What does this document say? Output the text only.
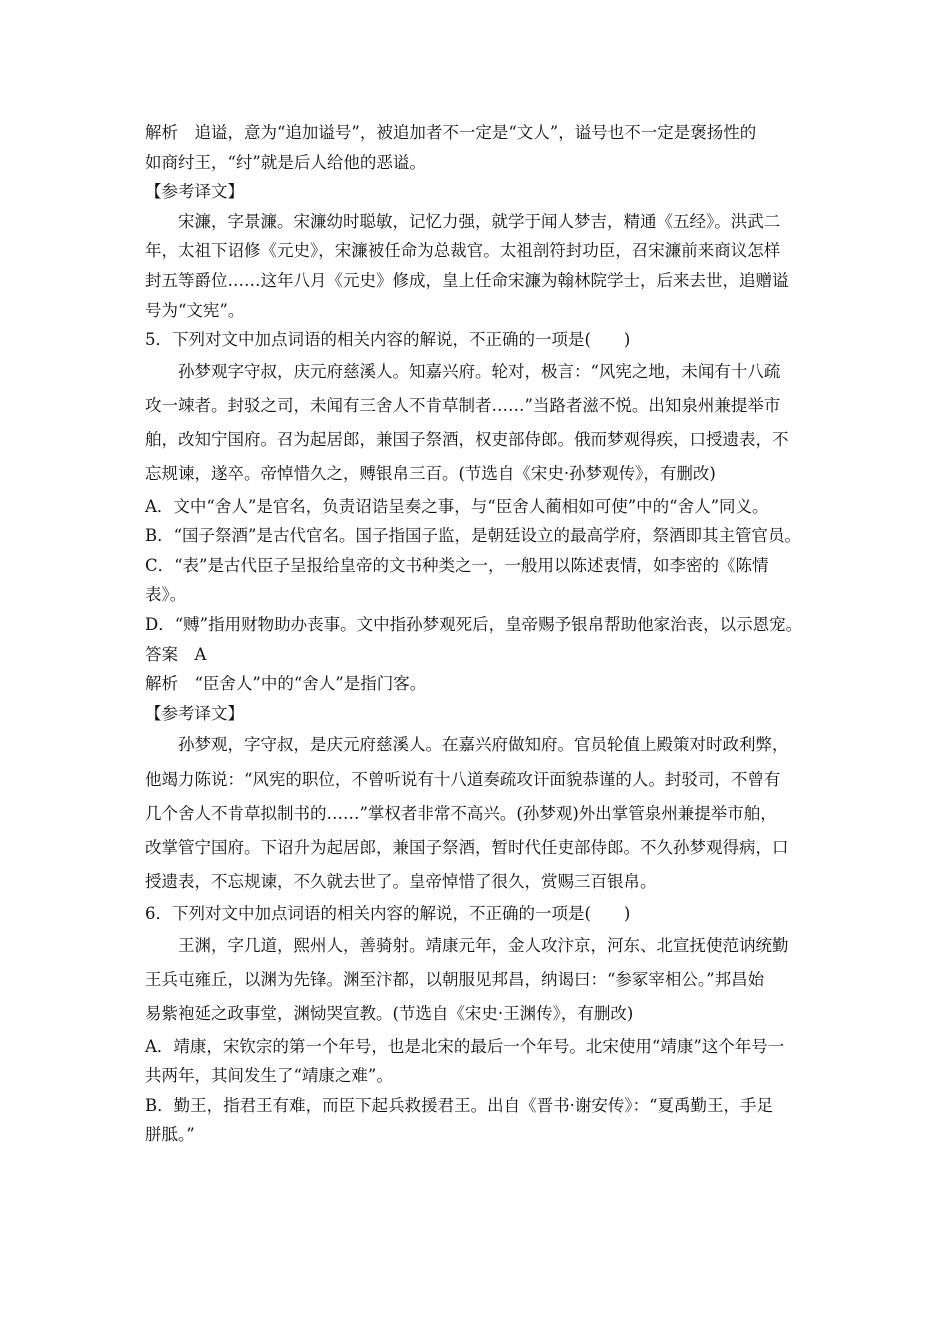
解析　追谥，意为“追加谥号”，被追加者不一定是“文人”，谥号也不一定是褒扬性的
如商纣王，“纣”就是后人给他的恶谥。
【参考译文】
宋濂，字景濂。宋濂幼时聪敏，记忆力强，就学于闻人梦吉，精通《五经》。洪武二
年，太祖下诏修《元史》，宋濂被任命为总裁官。太祖剖符封功臣，召宋濂前来商议怎样
封五等爵位……这年八月《元史》修成，皇上任命宋濂为翰林院学士，后来去世，追赠谥
号为“文宪”。
5．下列对文中加点词语的相关内容的解说，不正确的一项是(　　)
孙梦观字守叔，庆元府慈溪人。知嘉兴府。轮对，极言：“风宪之地，未闻有十八疏
攻一竦者。封驳之司，未闻有三舍人不肯草制者……”当路者滋不悦。出知泉州兼提举市
舶，改知宁国府。召为起居郎，兼国子祭酒，权吏部侍郎。俄而梦观得疾，口授遗表，不
忘规谏，遂卒。帝悼惜久之，赙银帛三百。(节选自《宋史·孙梦观传》，有删改)
A．文中“舍人”是官名，负责诏诰呈奏之事，与“臣舍人蔺相如可使”中的“舍人”同义。
B．“国子祭酒”是古代官名。国子指国子监，是朝廷设立的最高学府，祭酒即其主管官员。
C．“表”是古代臣子呈报给皇帝的文书种类之一，一般用以陈述衷情，如李密的《陈情
表》。
D．“赙”指用财物助办丧事。文中指孙梦观死后，皇帝赐予银帛帮助他家治丧，以示恩宠。
答案　A
解析　“臣舍人”中的“舍人”是指门客。
【参考译文】
孙梦观，字守叔，是庆元府慈溪人。在嘉兴府做知府。官员轮值上殿策对时政利弊，
他竭力陈说：“风宪的职位，不曾听说有十八道奏疏攻讦面貌恭谨的人。封驳司，不曾有
几个舍人不肯草拟制书的……”掌权者非常不高兴。(孙梦观)外出掌管泉州兼提举市舶，
改掌管宁国府。下诏升为起居郎，兼国子祭酒，暂时代任吏部侍郎。不久孙梦观得病，口
授遗表，不忘规谏，不久就去世了。皇帝悼惜了很久，赏赐三百银帛。
6．下列对文中加点词语的相关内容的解说，不正确的一项是(　　)
王渊，字几道，熙州人，善骑射。靖康元年，金人攻汴京，河东、北宣抚使范讷统勤
王兵屯雍丘，以渊为先锋。渊至汴都，以朝服见邦昌，纳谒曰：“参冢宰相公。”邦昌始
易紫袍延之政事堂，渊恸哭宣教。(节选自《宋史·王渊传》，有删改)
A．靖康，宋钦宗的第一个年号，也是北宋的最后一个年号。北宋使用“靖康”这个年号一
共两年，其间发生了“靖康之难”。
B．勤王，指君王有难，而臣下起兵救援君王。出自《晋书·谢安传》：“夏禹勤王，手足
胼胝。”
